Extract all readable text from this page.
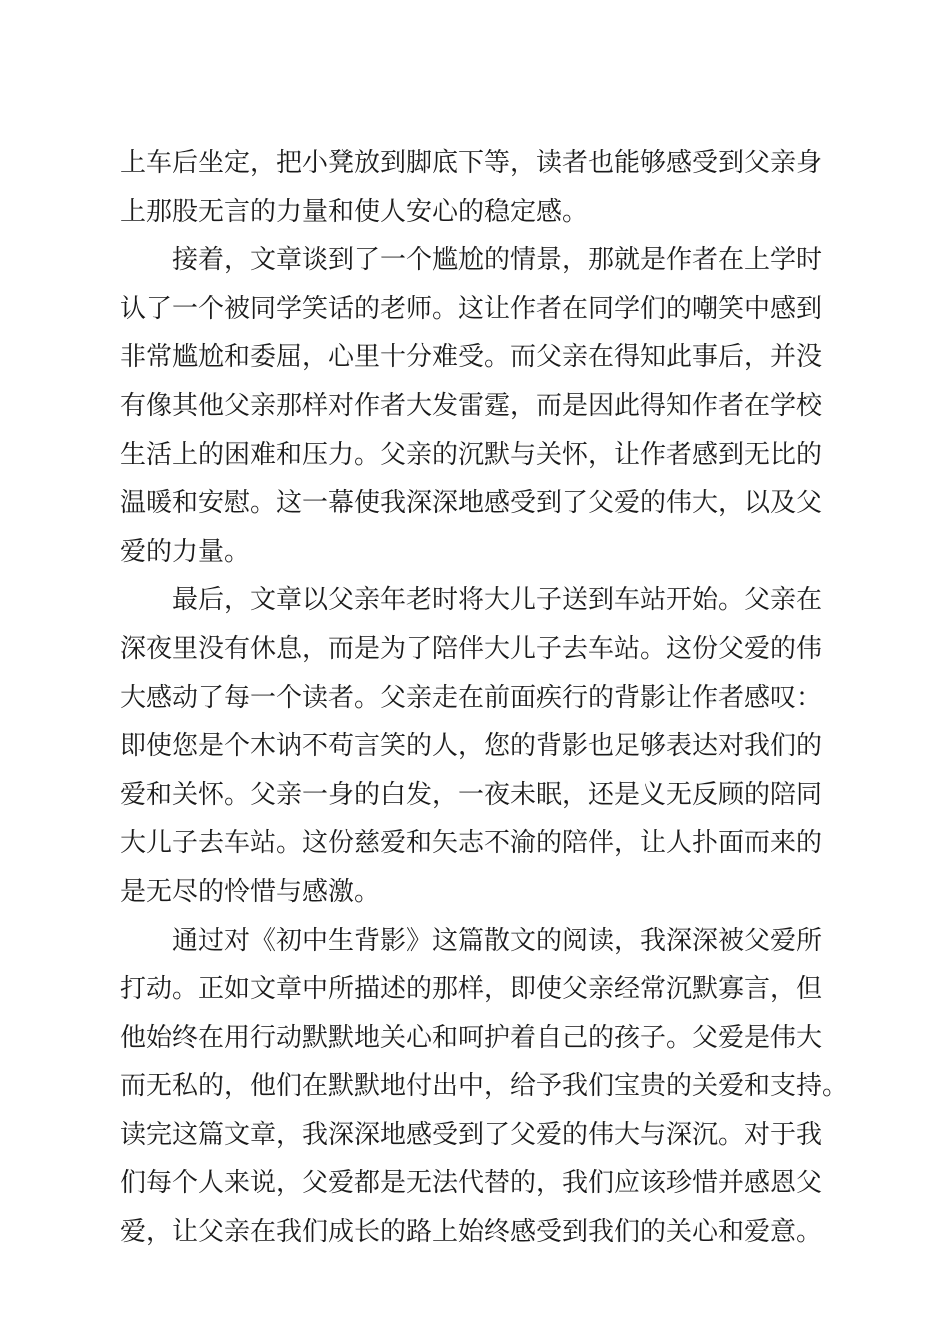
上车后坐定，把小凳放到脚底下等，读者也能够感受到父亲身
上那股无言的力量和使人安心的稳定感。
接着，文章谈到了一个尴尬的情景，那就是作者在上学时
认了一个被同学笑话的老师。这让作者在同学们的嘲笑中感到
非常尴尬和委屈，心里十分难受。而父亲在得知此事后，并没
有像其他父亲那样对作者大发雷霆，而是因此得知作者在学校
生活上的困难和压力。父亲的沉默与关怀，让作者感到无比的
温暖和安慰。这一幕使我深深地感受到了父爱的伟大，以及父
爱的力量。
最后，文章以父亲年老时将大儿子送到车站开始。父亲在
深夜里没有休息，而是为了陪伴大儿子去车站。这份父爱的伟
大感动了每一个读者。父亲走在前面疾行的背影让作者感叹：
即使您是个木讷不苟言笑的人，您的背影也足够表达对我们的
爱和关怀。父亲一身的白发，一夜未眠，还是义无反顾的陪同
大儿子去车站。这份慈爱和矢志不渝的陪伴，让人扑面而来的
是无尽的怜惜与感激。
通过对《初中生背影》这篇散文的阅读，我深深被父爱所
打动。正如文章中所描述的那样，即使父亲经常沉默寡言，但
他始终在用行动默默地关心和呵护着自己的孩子。父爱是伟大
而无私的，他们在默默地付出中，给予我们宝贵的关爱和支持。
读完这篇文章，我深深地感受到了父爱的伟大与深沉。对于我
们每个人来说，父爱都是无法代替的，我们应该珍惜并感恩父
爱，让父亲在我们成长的路上始终感受到我们的关心和爱意。
